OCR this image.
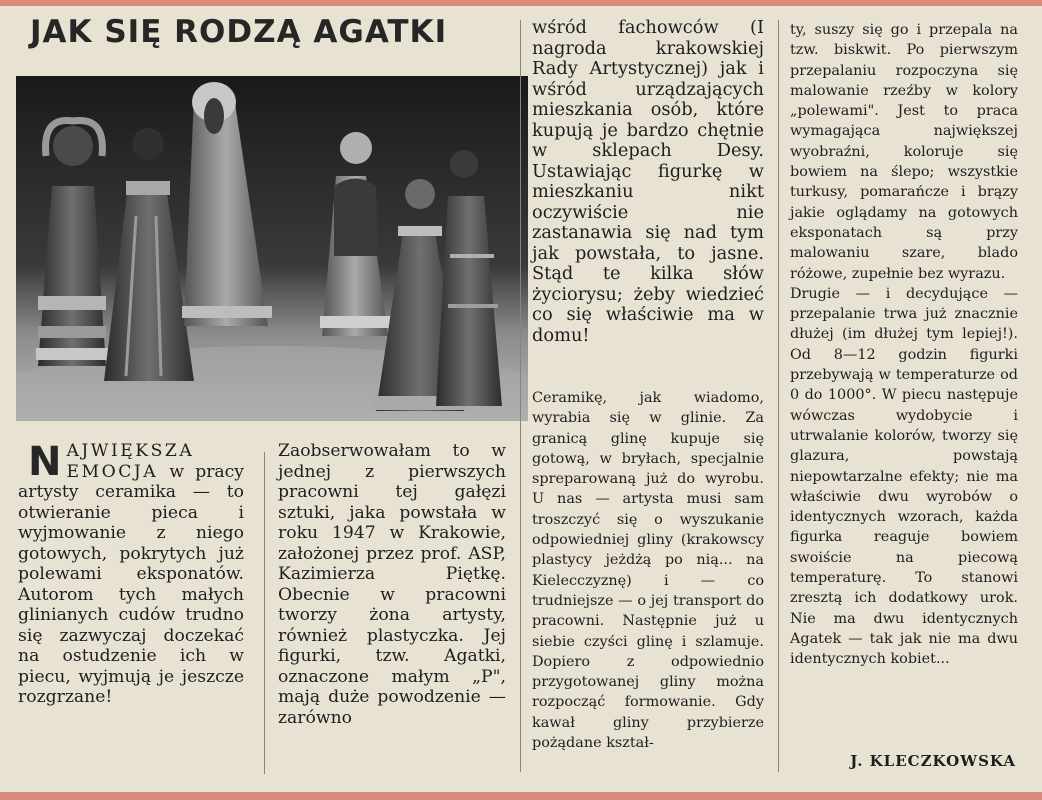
JAK SIĘ RODZĄ AGATKI
N AJWIĘKSZA EMOCJA w pracy artysty ceramika — to otwieranie pieca i wyjmowanie z niego gotowych, pokrytych już polewami eksponatów. Autorom tych małych glinianych cudów trudno się zazwyczaj doczekać na ostudzenie ich w piecu, wyjmują je jeszcze rozgrzane!

Zaobserwowałam to w jednej z pierwszych pracowni tej gałęzi sztuki, jaka powstała w roku 1947 w Krakowie, założonej przez prof. ASP, Kazimierza Piętkę. Obecnie w pracowni tworzy żona artysty, również plastyczka. Jej figurki, tzw. Agatki, oznaczone małym „P", mają duże powodzenie — zarówno

wśród fachowców (I nagroda krakowskiej Rady Artystycznej) jak i wśród urządzających mieszkania osób, które kupują je bardzo chętnie w sklepach Desy. Ustawiając figurkę w mieszkaniu nikt oczywiście nie zastanawia się nad tym jak powstała, to jasne. Stąd te kilka słów życiorysu; żeby wiedzieć co się właściwie ma w domu!

Ceramikę, jak wiadomo, wyrabia się w glinie. Za granicą glinę kupuje się gotową, w bryłach, specjalnie spreparowaną już do wyrobu. U nas — artysta musi sam troszczyć się o wyszukanie odpowiedniej gliny (krakowscy plastycy jeżdżą po nią... na Kielecczyznę) i — co trudniejsze — o jej transport do pracowni. Następnie już u siebie czyści glinę i szlamuje. Dopiero z odpowiednio przygotowanej gliny można rozpocząć formowanie. Gdy kawał gliny przybierze pożądane kształ-

ty, suszy się go i przepala na tzw. biskwit. Po pierwszym przepalaniu rozpoczyna się malowanie rzeźby w kolory „polewami". Jest to praca wymagająca największej wyobraźni, koloruje się bowiem na ślepo; wszystkie turkusy, pomarańcze i brązy jakie oglądamy na gotowych eksponatach są przy malowaniu szare, blado różowe, zupełnie bez wyrazu.

Drugie — i decydujące — przepalanie trwa już znacznie dłużej (im dłużej tym lepiej!). Od 8—12 godzin figurki przebywają w temperaturze od 0 do 1000°. W piecu następuje wówczas wydobycie i utrwalanie kolorów, tworzy się glazura, powstają niepowtarzalne efekty; nie ma właściwie dwu wyrobów o identycznych wzorach, każda figurka reaguje bowiem swoiście na piecową temperaturę. To stanowi zresztą ich dodatkowy urok. Nie ma dwu identycznych Agatek — tak jak nie ma dwu identycznych kobiet...

J. KLECZKOWSKA
